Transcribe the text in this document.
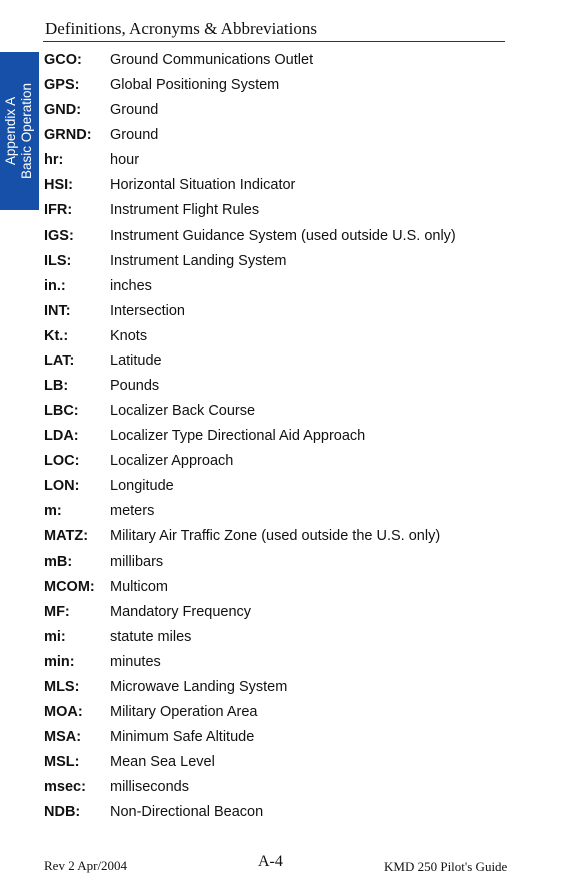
Definitions, Acronyms & Abbreviations
Appendix A Basic Operation
GCO: Ground Communications Outlet
GPS: Global Positioning System
GND: Ground
GRND: Ground
hr:	hour
HSI:	Horizontal Situation Indicator
IFR:	Instrument Flight Rules
IGS: Instrument Guidance System (used outside U.S. only)
ILS:	Instrument Landing System
in.:	inches
INT:	Intersection
Kt.:	Knots
LAT: Latitude
LB:	Pounds
LBC: Localizer Back Course
LDA: Localizer Type Directional Aid Approach
LOC: Localizer Approach
LON: Longitude
m:	meters
MATZ: Military Air Traffic Zone (used outside the U.S. only)
mB:	millibars
MCOM: Multicom
MF:	Mandatory Frequency
mi:	statute miles
min: minutes
MLS: Microwave Landing System
MOA: Military Operation Area
MSA: Minimum Safe Altitude
MSL: Mean Sea Level
msec: milliseconds
NDB: Non-Directional Beacon
Rev 2 Apr/2004	A-4	KMD 250 Pilot's Guide
